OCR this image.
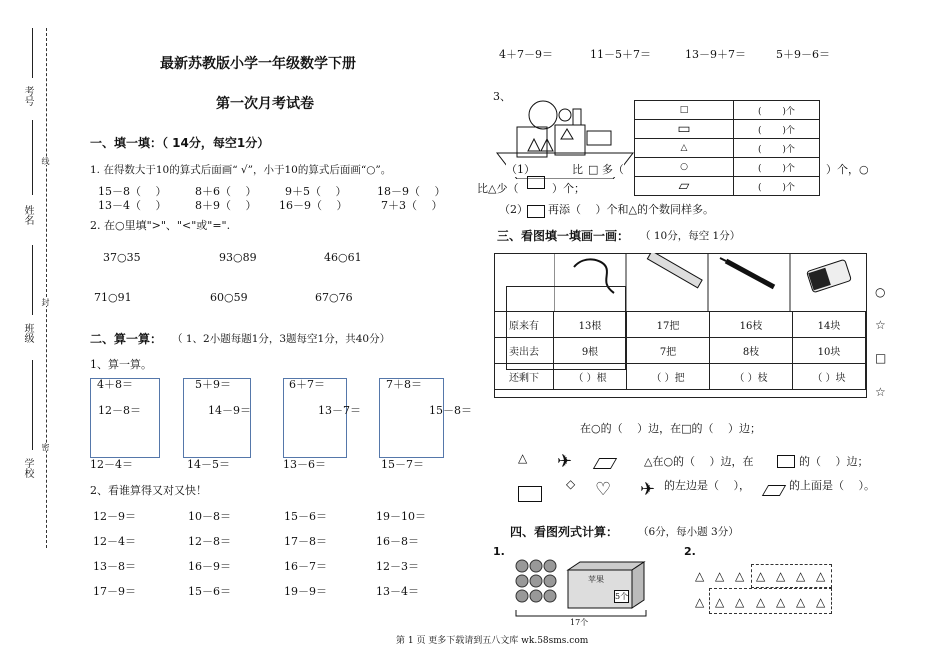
考号
姓名
班级
学校
线
封
密
最新苏教版小学一年级数学下册
第一次月考试卷
一、填一填：（ 14分，每空1分）
1. 在得数大于10的算式后面画“ √”，小于10的算式后面画“○”。
15－8（　 ）	8＋6（　 ）	9＋5（　 ）	18－9（　 ）
13－4（　 ）	8＋9（　 ） 16－9（　 ）	7＋3（　 ）
2. 在○里填">"、"<"或"=".
37○35	93○89	46○61
71○91	60○59	67○76
二、算一算： （ 1、2小题每题1分，3题每空1分，共40分）
1、算一算。
4＋8＝	5＋9＝	6＋7＝	7＋8＝
12－8＝	14－9＝	13－7＝	15－8＝
12－4＝	14－5＝	13－6＝	15－7＝
2、看谁算得又对又快！
12－9＝	10－8＝	15－6＝	19－10＝
12－4＝	12－8＝	17－8＝	16－8＝
13－8＝	16－9＝	16－7＝	12－3＝
17－9＝	15－6＝	19－9＝	13－4＝
4＋7－9＝	11－5＋7＝	13－9＋7＝	5＋9－6＝
3、
□	(　　 )个
▭	(　　 )个
△	(　　 )个
○	(　　 )个
▱	(　　 )个
（1）	比 □ 多（	）个，○
比△少（	）个；
（2） 再添（　 ）个和△的个数同样多。
三、看图填一填画一画： （ 10分，每空 1分）
原来有	13根	17把	16枝	14块
卖出去	9根	7把	8枝	10块
还剩下	（ ）根	（ ）把	（ ）枝	（ ）块
○
☆
□
☆
在○的（　 ）边，在□的（　 ）边；
△ ✈	△在○的（　 ）边，在	的（　 ）边；
◇ ♡ ✈ 的左边是（　 ），	的上面是（　 ）。
四、看图列式计算： （6分，每小题 3分）
1.	2.
苹果
5个
17个
△ △ △ △ △ △ △
△ △ △ △ △ △ △
第 1 页 更多下载请到五八文库 wk.58sms.com
